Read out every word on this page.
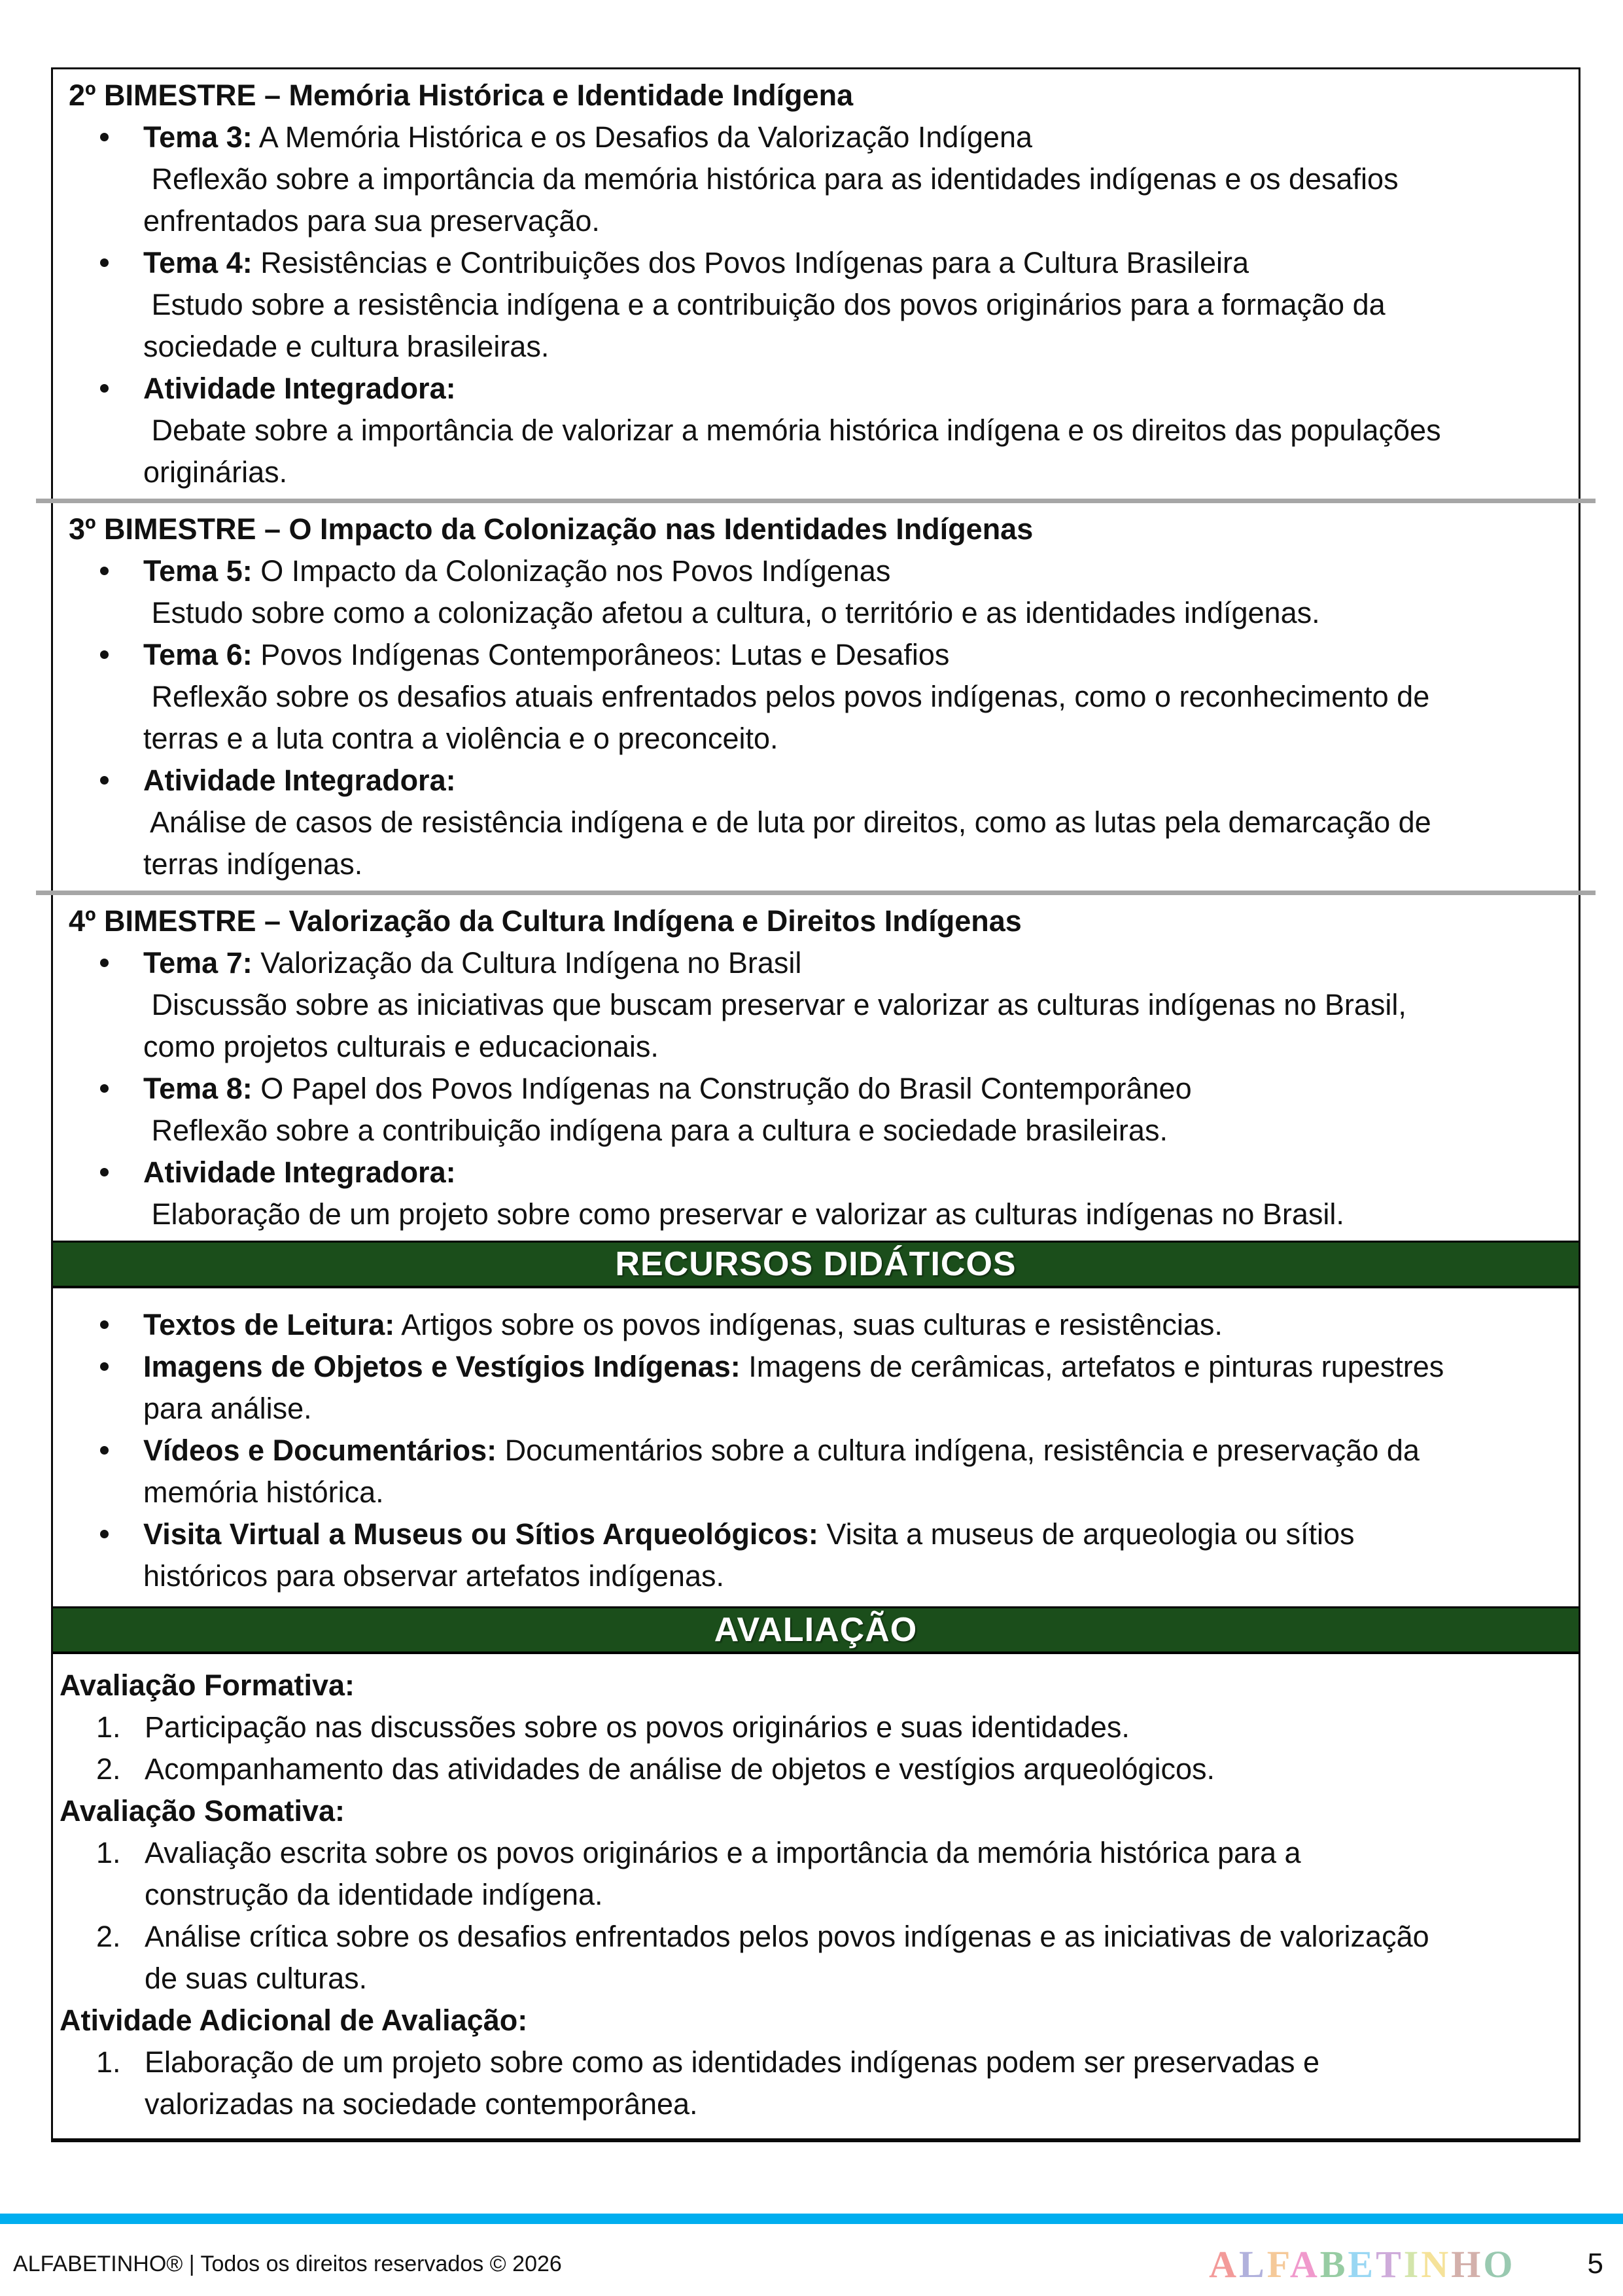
2º BIMESTRE – Memória Histórica e Identidade Indígena
Tema 3: A Memória Histórica e os Desafios da Valorização Indígena
Reflexão sobre a importância da memória histórica para as identidades indígenas e os desafios
enfrentados para sua preservação.
Tema 4: Resistências e Contribuições dos Povos Indígenas para a Cultura Brasileira
Estudo sobre a resistência indígena e a contribuição dos povos originários para a formação da
sociedade e cultura brasileiras.
Atividade Integradora:
Debate sobre a importância de valorizar a memória histórica indígena e os direitos das populações
originárias.
3º BIMESTRE – O Impacto da Colonização nas Identidades Indígenas
Tema 5: O Impacto da Colonização nos Povos Indígenas
Estudo sobre como a colonização afetou a cultura, o território e as identidades indígenas.
Tema 6: Povos Indígenas Contemporâneos: Lutas e Desafios
Reflexão sobre os desafios atuais enfrentados pelos povos indígenas, como o reconhecimento de
terras e a luta contra a violência e o preconceito.
Atividade Integradora:
Análise de casos de resistência indígena e de luta por direitos, como as lutas pela demarcação de
terras indígenas.
4º BIMESTRE – Valorização da Cultura Indígena e Direitos Indígenas
Tema 7: Valorização da Cultura Indígena no Brasil
Discussão sobre as iniciativas que buscam preservar e valorizar as culturas indígenas no Brasil,
como projetos culturais e educacionais.
Tema 8: O Papel dos Povos Indígenas na Construção do Brasil Contemporâneo
Reflexão sobre a contribuição indígena para a cultura e sociedade brasileiras.
Atividade Integradora:
Elaboração de um projeto sobre como preservar e valorizar as culturas indígenas no Brasil.
RECURSOS DIDÁTICOS
Textos de Leitura: Artigos sobre os povos indígenas, suas culturas e resistências.
Imagens de Objetos e Vestígios Indígenas: Imagens de cerâmicas, artefatos e pinturas rupestres
para análise.
Vídeos e Documentários: Documentários sobre a cultura indígena, resistência e preservação da
memória histórica.
Visita Virtual a Museus ou Sítios Arqueológicos: Visita a museus de arqueologia ou sítios
históricos para observar artefatos indígenas.
AVALIAÇÃO
Avaliação Formativa:
1. Participação nas discussões sobre os povos originários e suas identidades.
2. Acompanhamento das atividades de análise de objetos e vestígios arqueológicos.
Avaliação Somativa:
1. Avaliação escrita sobre os povos originários e a importância da memória histórica para a
construção da identidade indígena.
2. Análise crítica sobre os desafios enfrentados pelos povos indígenas e as iniciativas de valorização
de suas culturas.
Atividade Adicional de Avaliação:
1. Elaboração de um projeto sobre como as identidades indígenas podem ser preservadas e
valorizadas na sociedade contemporânea.
ALFABETINHO® | Todos os direitos reservados © 2026	ALFABETINHO	5
